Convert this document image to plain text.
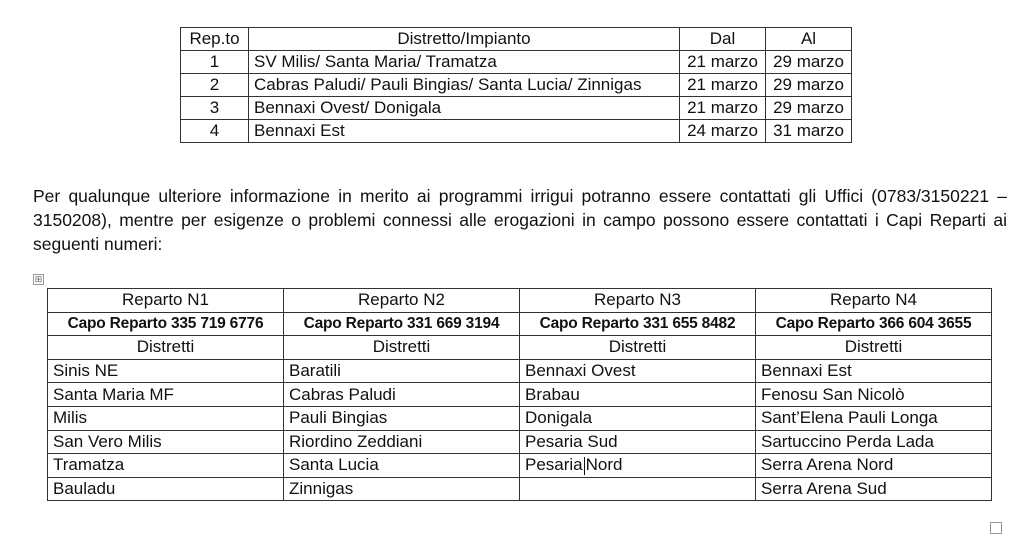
Rep.to	Distretto/Impianto	Dal	Al
1	SV Milis/ Santa Maria/ Tramatza	21 marzo	29 marzo
2	Cabras Paludi/ Pauli Bingias/ Santa Lucia/ Zinnigas	21 marzo	29 marzo
3	Bennaxi Ovest/ Donigala	21 marzo	29 marzo
4	Bennaxi Est	24 marzo	31 marzo

Per qualunque ulteriore informazione in merito ai programmi irrigui potranno essere contattati gli Uffici (0783/3150221 – 3150208), mentre per esigenze o problemi connessi alle erogazioni in campo possono essere contattati i Capi Reparti ai seguenti numeri:

⊞
Reparto N1	Reparto N2	Reparto N3	Reparto N4
Capo Reparto 335 719 6776	Capo Reparto 331 669 3194	Capo Reparto 331 655 8482	Capo Reparto 366 604 3655
Distretti	Distretti	Distretti	Distretti
Sinis NE	Baratili	Bennaxi Ovest	Bennaxi Est
Santa Maria MF	Cabras Paludi	Brabau	Fenosu San Nicolò
Milis	Pauli Bingias	Donigala	Sant’Elena Pauli Longa
San Vero Milis	Riordino Zeddiani	Pesaria Sud	Sartuccino Perda Lada
Tramatza	Santa Lucia	Pesaria Nord	Serra Arena Nord
Bauladu	Zinnigas		Serra Arena Sud
